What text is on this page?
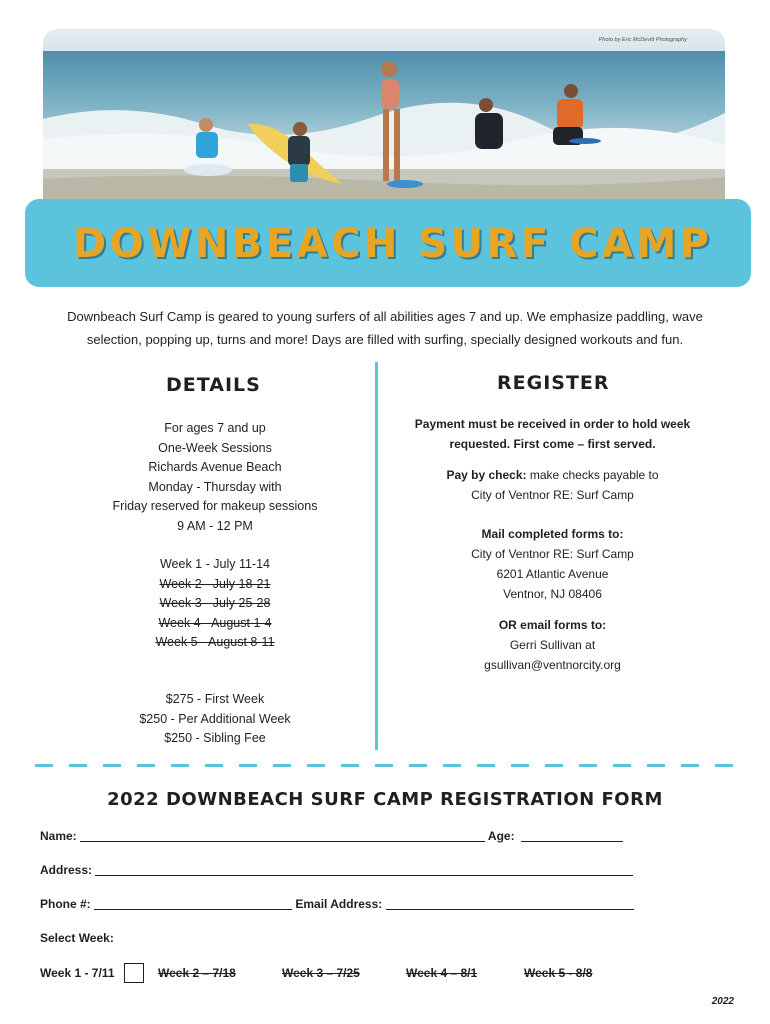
Photo by Eric McDevitt Photography
DOWNBEACH SURF CAMP
Downbeach Surf Camp is geared to young surfers of all abilities ages 7 and up. We emphasize paddling, wave
selection, popping up, turns and more! Days are filled with surfing, specially designed workouts and fun.
DETAILS
For ages 7 and up
One-Week Sessions
Richards Avenue Beach
Monday - Thursday with
Friday reserved for makeup sessions
9 AM - 12 PM
Week 1 - July 11-14
Week 2 - July 18-21
Week 3 - July 25-28
Week 4 - August 1-4
Week 5 - August 8-11
$275 - First Week
$250 - Per Additional Week
$250 - Sibling Fee
REGISTER
Payment must be received in order to hold week
requested. First come – first served.
Pay by check: make checks payable to
City of Ventnor RE: Surf Camp
Mail completed forms to:
City of Ventnor RE: Surf Camp
6201 Atlantic Avenue
Ventnor, NJ 08406
OR email forms to:
Gerri Sullivan at
gsullivan@ventnorcity.org
2022 DOWNBEACH SURF CAMP REGISTRATION FORM
Name:	Age:
Address:
Phone #:	Email Address:
Select Week:
Week 1 - 7/11	Week 2 – 7/18	Week 3 – 7/25	Week 4 – 8/1	Week 5 - 8/8
2022
